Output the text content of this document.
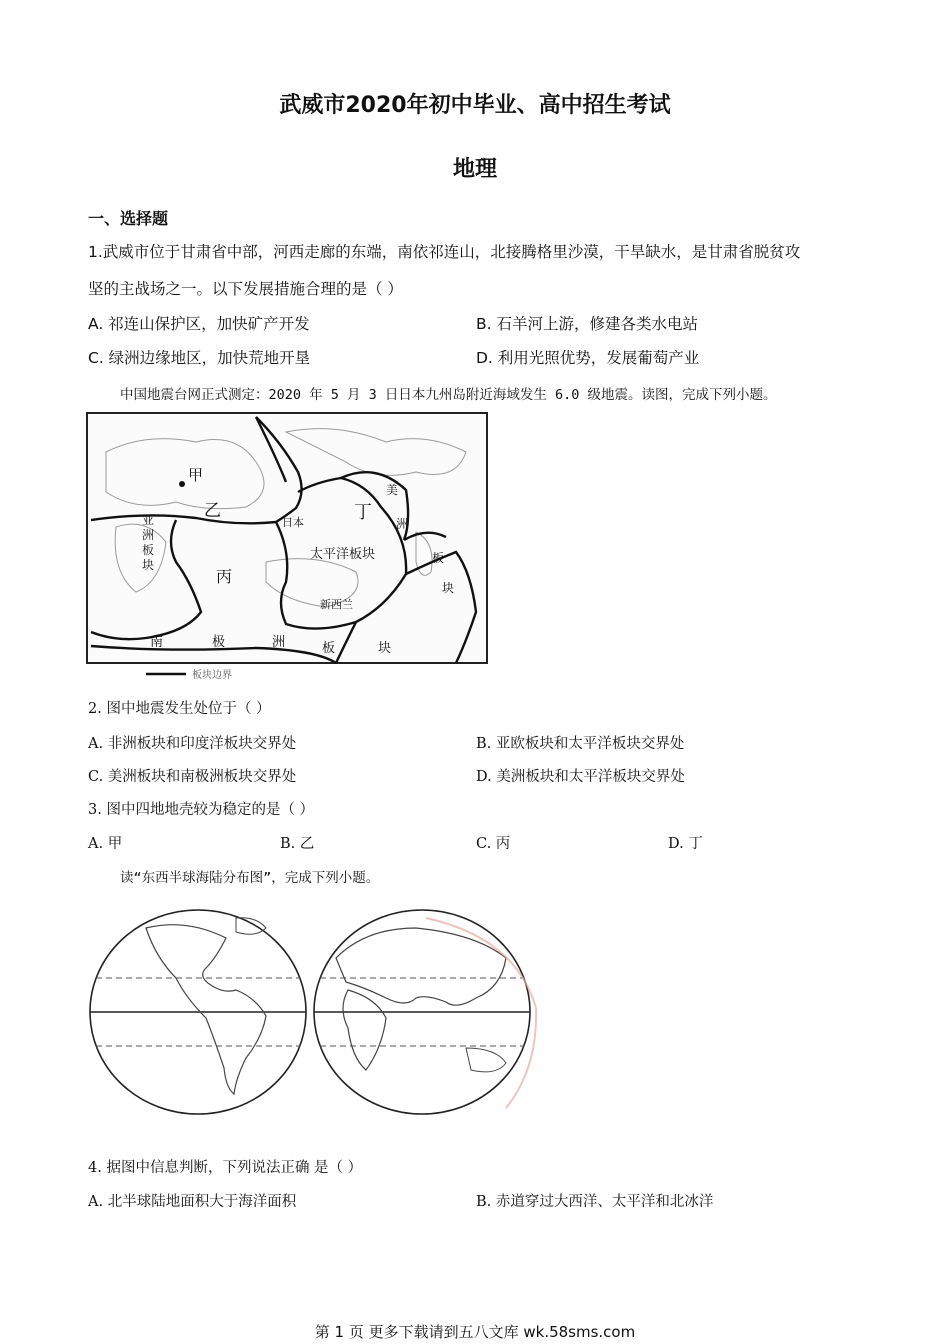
武威市2020年初中毕业、高中招生考试
地理
一、选择题
1.武威市位于甘肃省中部，河西走廊的东端，南依祁连山，北接腾格里沙漠，干旱缺水，是甘肃省脱贫攻
坚的主战场之一。以下发展措施合理的是（ ）
A. 祁连山保护区，加快矿产开发	B. 石羊河上游，修建各类水电站
C. 绿洲边缘地区，加快荒地开垦	D. 利用光照优势，发展葡萄产业
中国地震台网正式测定：2020 年 5 月 3 日日本九州岛附近海域发生 6.0 级地震。读图，完成下列小题。
甲
乙
丙
丁
亚
洲
板
块
美
洲
板
块
日本
太平洋板块
新西兰
南	极	洲	板	块
板块边界
2. 图中地震发生处位于（ ）
A. 非洲板块和印度洋板块交界处	B. 亚欧板块和太平洋板块交界处
C. 美洲板块和南极洲板块交界处	D. 美洲板块和太平洋板块交界处
3. 图中四地地壳较为稳定的是（ ）
A. 甲	B. 乙	C. 丙	D. 丁
读“东西半球海陆分布图”，完成下列小题。
4. 据图中信息判断，下列说法正确 是（ ）
A. 北半球陆地面积大于海洋面积	B. 赤道穿过大西洋、太平洋和北冰洋
第 1 页 更多下载请到五八文库 wk.58sms.com
